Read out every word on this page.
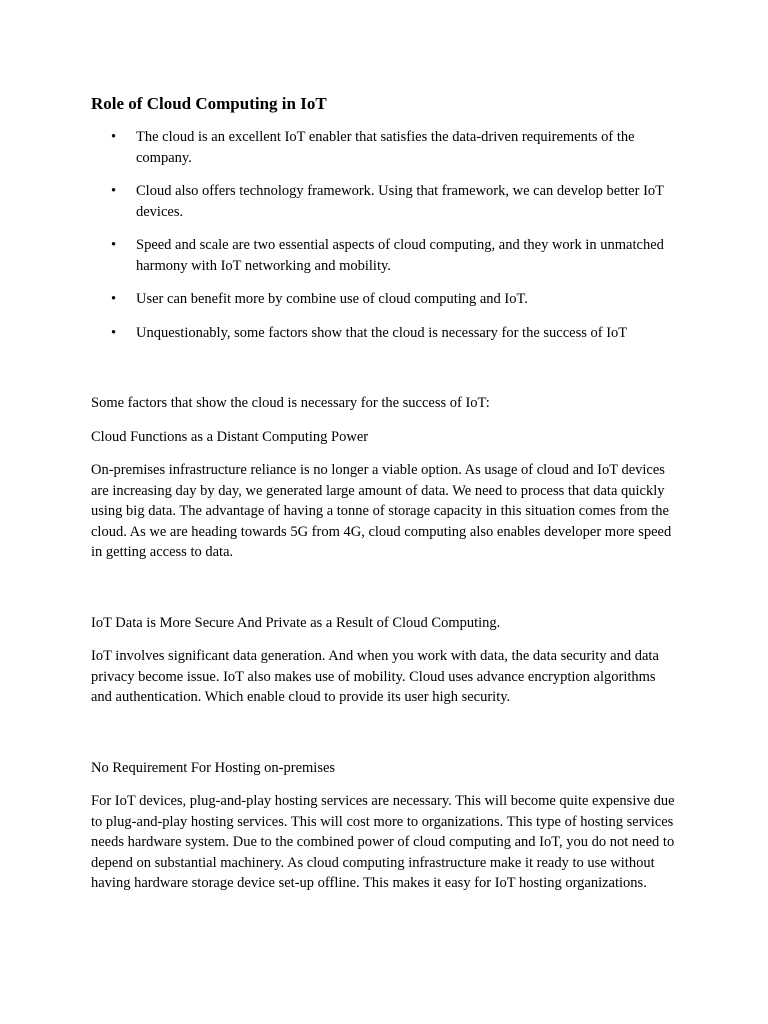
Role of Cloud Computing in IoT
• The cloud is an excellent IoT enabler that satisfies the data-driven requirements of the company.
• Cloud also offers technology framework. Using that framework, we can develop better IoT devices.
• Speed and scale are two essential aspects of cloud computing, and they work in unmatched harmony with IoT networking and mobility.
• User can benefit more by combine use of cloud computing and IoT.
• Unquestionably, some factors show that the cloud is necessary for the success of IoT

Some factors that show the cloud is necessary for the success of IoT:

Cloud Functions as a Distant Computing Power

On-premises infrastructure reliance is no longer a viable option. As usage of cloud and IoT devices are increasing day by day, we generated large amount of data. We need to process that data quickly using big data. The advantage of having a tonne of storage capacity in this situation comes from the cloud. As we are heading towards 5G from 4G, cloud computing also enables developer more speed in getting access to data.

IoT Data is More Secure And Private as a Result of Cloud Computing.

IoT involves significant data generation. And when you work with data, the data security and data privacy become issue. IoT also makes use of mobility. Cloud uses advance encryption algorithms and authentication. Which enable cloud to provide its user high security.

No Requirement For Hosting on-premises

For IoT devices, plug-and-play hosting services are necessary. This will become quite expensive due to plug-and-play hosting services. This will cost more to organizations. This type of hosting services needs hardware system. Due to the combined power of cloud computing and IoT, you do not need to depend on substantial machinery. As cloud computing infrastructure make it ready to use without having hardware storage device set-up offline. This makes it easy for IoT hosting organizations.
